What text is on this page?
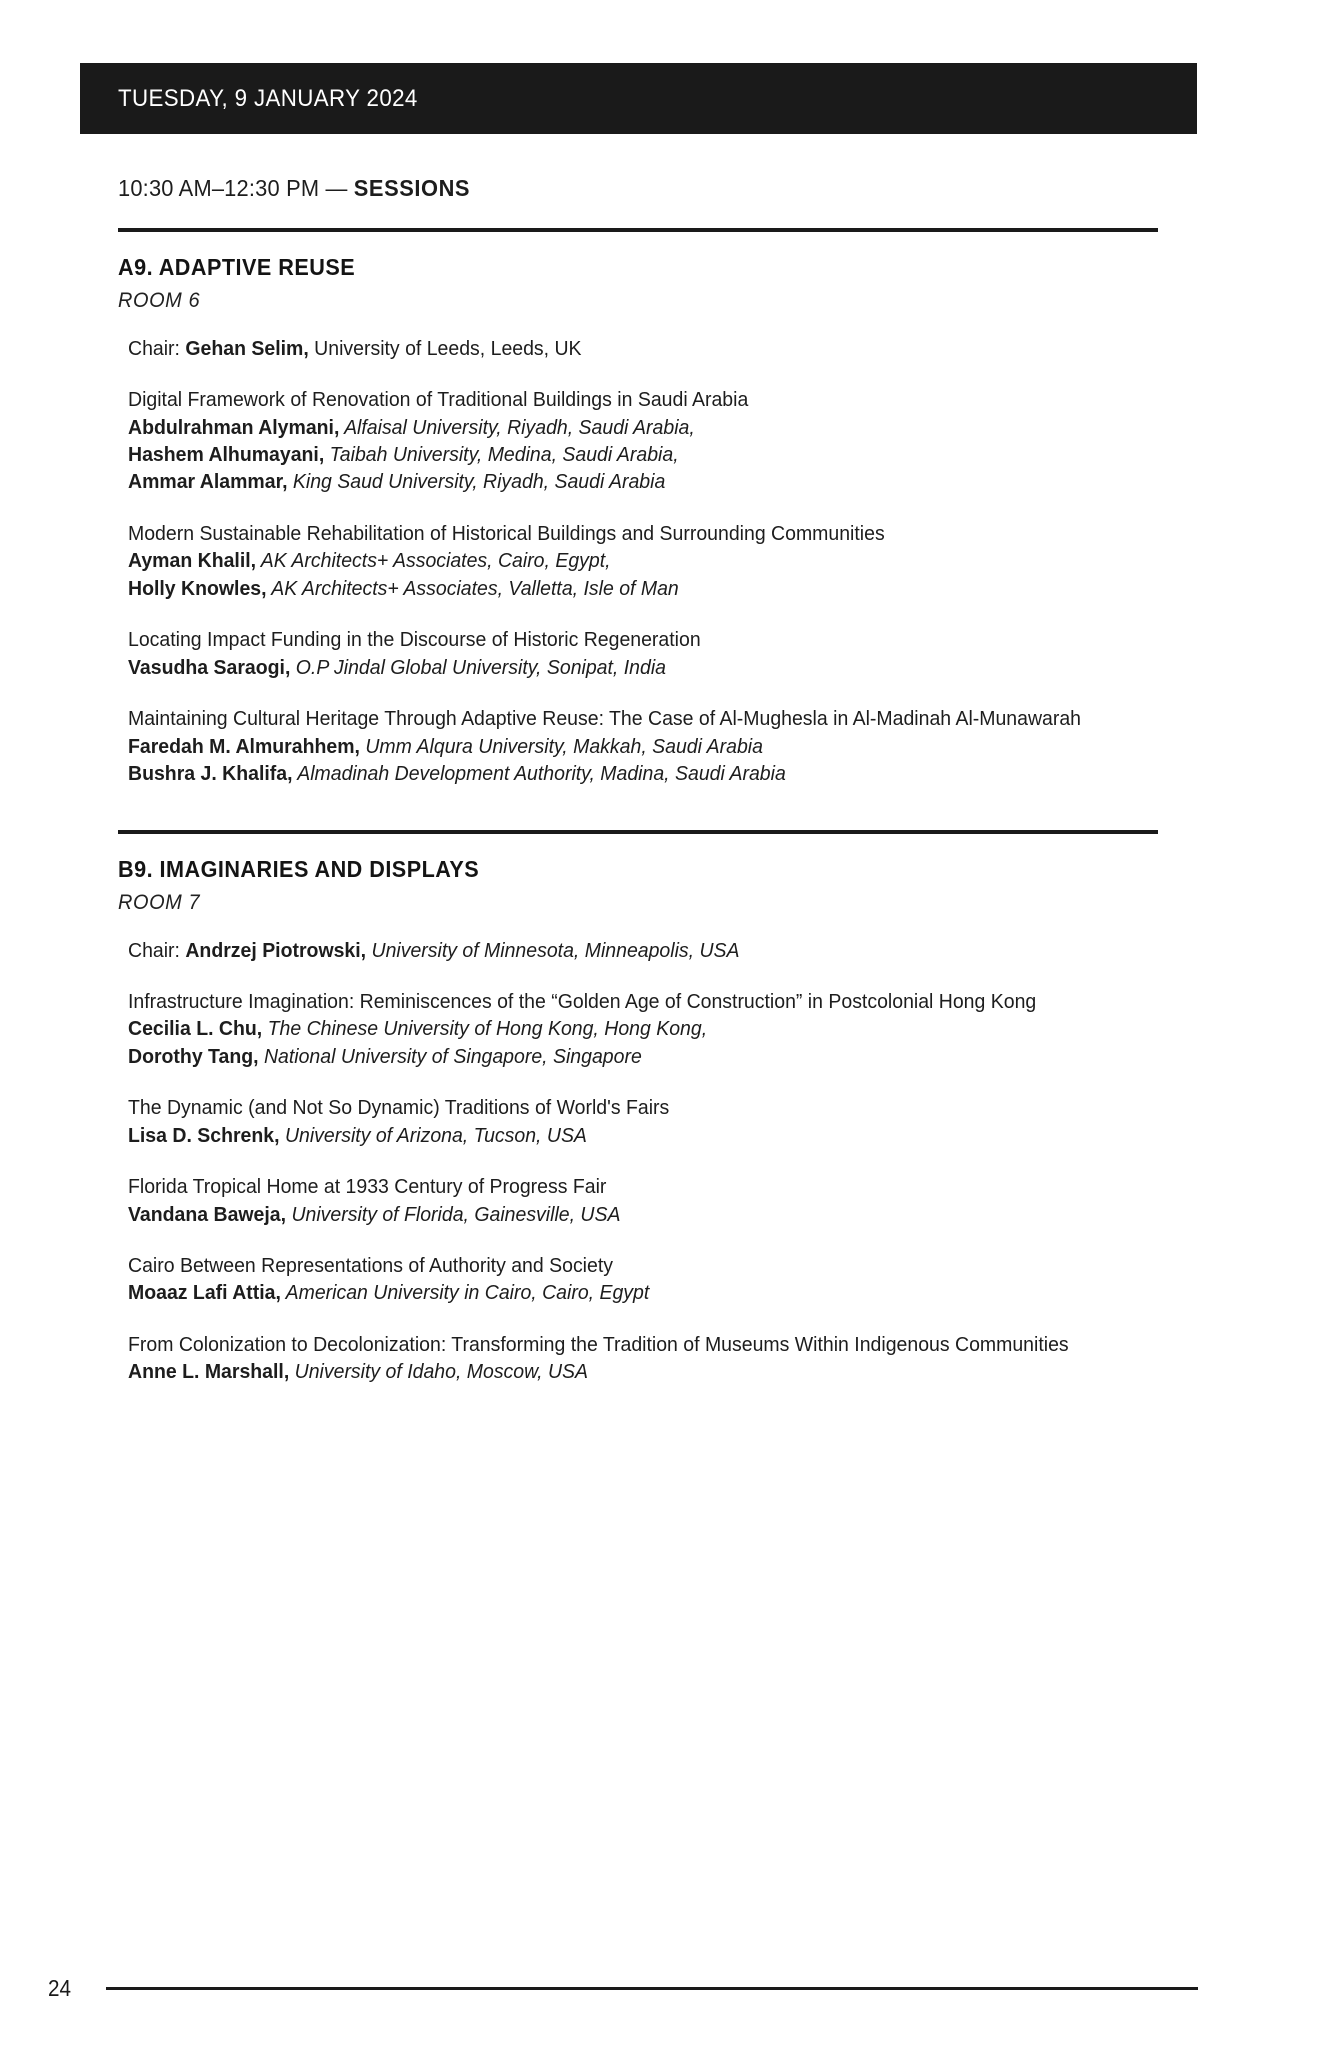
TUESDAY, 9 JANUARY 2024
10:30 AM–12:30 PM — SESSIONS
A9. ADAPTIVE REUSE
ROOM 6
Chair: Gehan Selim, University of Leeds, Leeds, UK
Digital Framework of Renovation of Traditional Buildings in Saudi Arabia
Abdulrahman Alymani, Alfaisal University, Riyadh, Saudi Arabia,
Hashem Alhumayani, Taibah University, Medina, Saudi Arabia,
Ammar Alammar, King Saud University, Riyadh, Saudi Arabia
Modern Sustainable Rehabilitation of Historical Buildings and Surrounding Communities
Ayman Khalil, AK Architects+ Associates, Cairo, Egypt,
Holly Knowles, AK Architects+ Associates, Valletta, Isle of Man
Locating Impact Funding in the Discourse of Historic Regeneration
Vasudha Saraogi, O.P Jindal Global University, Sonipat, India
Maintaining Cultural Heritage Through Adaptive Reuse: The Case of Al-Mughesla in Al-Madinah Al-Munawarah
Faredah M. Almurahhem, Umm Alqura University, Makkah, Saudi Arabia
Bushra J. Khalifa, Almadinah Development Authority, Madina, Saudi Arabia
B9. IMAGINARIES AND DISPLAYS
ROOM 7
Chair: Andrzej Piotrowski, University of Minnesota, Minneapolis, USA
Infrastructure Imagination: Reminiscences of the “Golden Age of Construction” in Postcolonial Hong Kong
Cecilia L. Chu, The Chinese University of Hong Kong, Hong Kong,
Dorothy Tang, National University of Singapore, Singapore
The Dynamic (and Not So Dynamic) Traditions of World's Fairs
Lisa D. Schrenk, University of Arizona, Tucson, USA
Florida Tropical Home at 1933 Century of Progress Fair
Vandana Baweja, University of Florida, Gainesville, USA
Cairo Between Representations of Authority and Society
Moaaz Lafi Attia, American University in Cairo, Cairo, Egypt
From Colonization to Decolonization: Transforming the Tradition of Museums Within Indigenous Communities
Anne L. Marshall, University of Idaho, Moscow, USA
24
